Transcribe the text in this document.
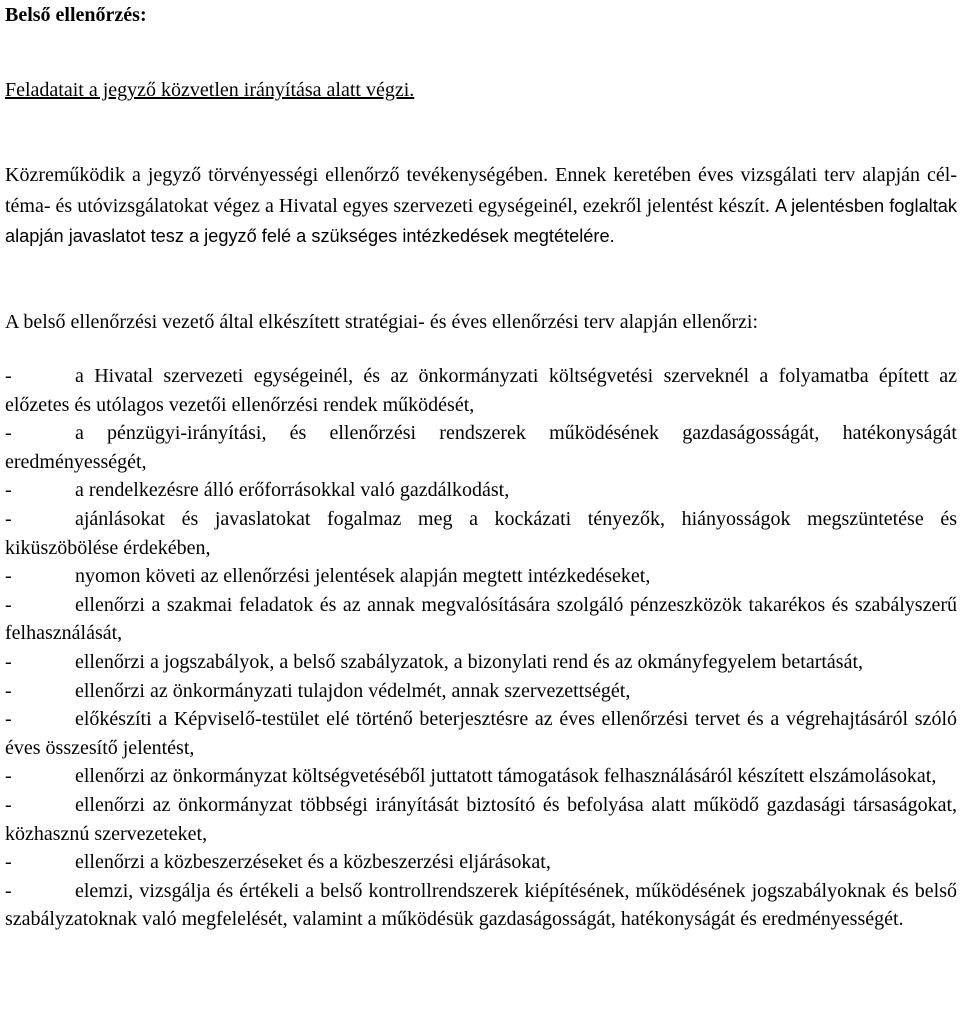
Belső ellenőrzés:

Feladatait a jegyző közvetlen irányítása alatt végzi.

Közreműködik a jegyző törvényességi ellenőrző tevékenységében. Ennek keretében éves vizsgálati terv alapján cél- téma- és utóvizsgálatokat végez a Hivatal egyes szervezeti egységeinél, ezekről jelentést készít. A jelentésben foglaltak alapján javaslatot tesz a jegyző felé a szükséges intézkedések megtételére.

A belső ellenőrzési vezető által elkészített stratégiai- és éves ellenőrzési terv alapján ellenőrzi:

-	a Hivatal szervezeti egységeinél, és az önkormányzati költségvetési szerveknél a folyamatba épített az előzetes és utólagos vezetői ellenőrzési rendek működését,
-	a pénzügyi-irányítási, és ellenőrzési rendszerek működésének gazdaságosságát, hatékonyságát eredményességét,
-	a rendelkezésre álló erőforrásokkal való gazdálkodást,
-	ajánlásokat és javaslatokat fogalmaz meg a kockázati tényezők, hiányosságok megszüntetése és kiküszöbölése érdekében,
-	nyomon követi az ellenőrzési jelentések alapján megtett intézkedéseket,
-	ellenőrzi a szakmai feladatok és az annak megvalósítására szolgáló pénzeszközök takarékos és szabályszerű felhasználását,
-	ellenőrzi a jogszabályok, a belső szabályzatok, a bizonylati rend és az okmányfegyelem betartását,
-	ellenőrzi az önkormányzati tulajdon védelmét, annak szervezettségét,
-	előkészíti a Képviselő-testület elé történő beterjesztésre az éves ellenőrzési tervet és a végrehajtásáról szóló éves összesítő jelentést,
-	ellenőrzi az önkormányzat költségvetéséből juttatott támogatások felhasználásáról készített elszámolásokat,
-	ellenőrzi az önkormányzat többségi irányítását biztosító és befolyása alatt működő gazdasági társaságokat, közhasznú szervezeteket,
-	ellenőrzi a közbeszerzéseket és a közbeszerzési eljárásokat,
-	elemzi, vizsgálja és értékeli a belső kontrollrendszerek kiépítésének, működésének jogszabályoknak és belső szabályzatoknak való megfelelését, valamint a működésük gazdaságosságát, hatékonyságát és eredményességét.
